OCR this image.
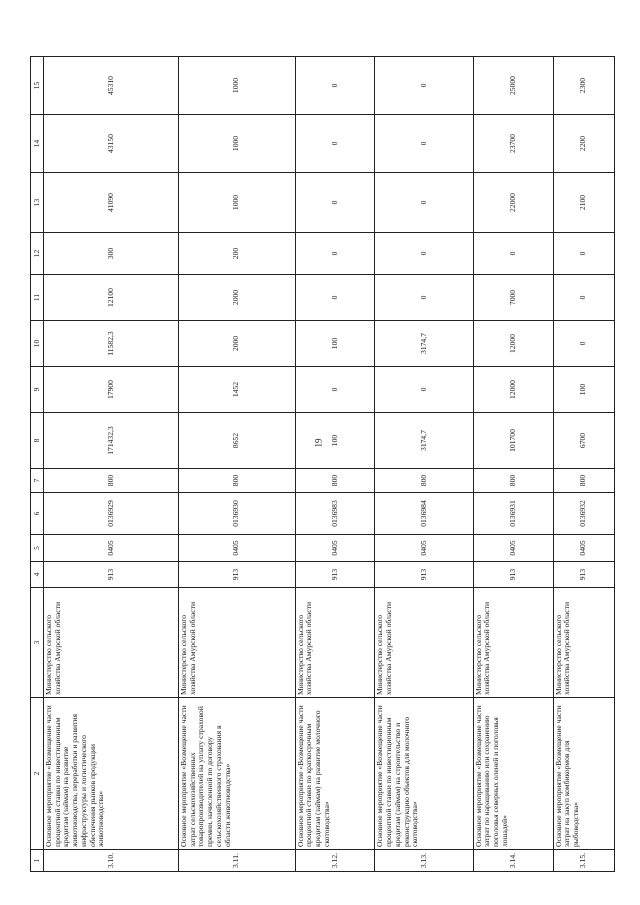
19
1	2	3	4	5	6	7	8	9	10	11	12	13	14	15
3.10.	Основное мероприятие «Возмещение части процентной ставки по инвестиционным кредитам (займам) на развитие животноводства, переработки и развития инфраструктуры и логистического обеспечения рынков продукции животноводства»	Министерство сельского хозяйства Амурской области	913	0405	0136929	800	171432,3	17900	11582,3	12100	300	41090	43150	45310
3.11.	Основное мероприятие «Возмещение части затрат сельскохозяйственных товаропроизводителей на уплату страховой премии, начисленной по договору сельскохозяйственного страхования в области животноводства»	Министерство сельского хозяйства Амурской области	913	0405	0136930	800	8652	1452	2000	2000	200	1000	1000	1000
3.12.	Основное мероприятие «Возмещение части процентной ставки по краткосрочным кредитам (займам) на развитие молочного скотоводства»	Министерство сельского хозяйства Амурской области	913	0405	0136983	800	100	0	100	0	0	0	0	0
3.13.	Основное мероприятие «Возмещение части процентной ставки по инвестиционным кредитам (займам) на строительство и реконструкцию объектов для молочного скотоводства»	Министерство сельского хозяйства Амурской области	913	0405	0136984	800	3174,7	0	3174,7	0	0	0	0	0
3.14.	Основное мероприятие «Возмещение части затрат по наращиванию или сохранению поголовья северных оленей и поголовья лошадей»	Министерство сельского хозяйства Амурской области	913	0405	0136931	800	101700	12000	12000	7000	0	22000	23700	25000
3.15.	Основное мероприятие «Возмещение части затрат на закуп комбикормов для рыбоводства»	Министерство сельского хозяйства Амурской области	913	0405	0136932	800	6700	100	0	0	0	2100	2200	2300
